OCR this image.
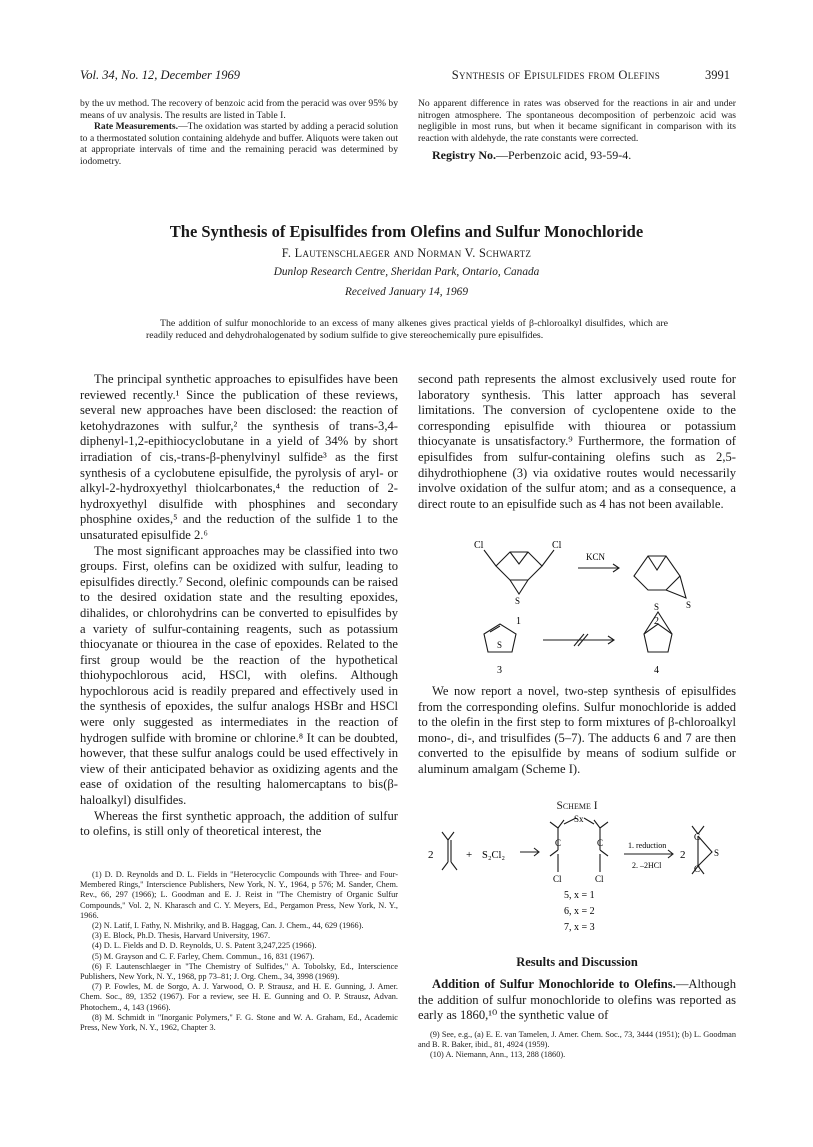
Vol. 34, No. 12, December 1969	Synthesis of Episulfides from Olefins	3991

by the uv method. The recovery of benzoic acid from the peracid was over 95% by means of uv analysis. The results are listed in Table I.

Rate Measurements.—The oxidation was started by adding a peracid solution to a thermostated solution containing aldehyde and buffer. Aliquots were taken out at appropriate intervals of time and the remaining peracid was determined by iodometry.

No apparent difference in rates was observed for the reactions in air and under nitrogen atmosphere. The spontaneous decomposition of perbenzoic acid was negligible in most runs, but when it became significant in comparison with its reaction with aldehyde, the rate constants were corrected.

Registry No.—Perbenzoic acid, 93-59-4.

The Synthesis of Episulfides from Olefins and Sulfur Monochloride
F. Lautenschlaeger and Norman V. Schwartz
Dunlop Research Centre, Sheridan Park, Ontario, Canada
Received January 14, 1969
The addition of sulfur monochloride to an excess of many alkenes gives practical yields of β-chloroalkyl disulfides, which are readily reduced and dehydrohalogenated by sodium sulfide to give stereochemically pure episulfides.

The principal synthetic approaches to episulfides have been reviewed recently.¹ Since the publication of these reviews, several new approaches have been disclosed: the reaction of ketohydrazones with sulfur,² the synthesis of trans-3,4-diphenyl-1,2-epithiocyclobutane in a yield of 34% by short irradiation of cis,-trans-β-phenylvinyl sulfide³ as the first synthesis of a cyclobutene episulfide, the pyrolysis of aryl- or alkyl-2-hydroxyethyl thiolcarbonates,⁴ the reduction of 2-hydroxyethyl disulfide with phosphines and secondary phosphine oxides,⁵ and the reduction of the sulfide 1 to the unsaturated episulfide 2.⁶

The most significant approaches may be classified into two groups. First, olefins can be oxidized with sulfur, leading to episulfides directly.⁷ Second, olefinic compounds can be raised to the desired oxidation state and the resulting epoxides, dihalides, or chlorohydrins can be converted to episulfides by a variety of sulfur-containing reagents, such as potassium thiocyanate or thiourea in the case of epoxides. Related to the first group would be the reaction of the hypothetical thiohypochlorous acid, HSCl, with olefins. Although hypochlorous acid is readily prepared and effectively used in the synthesis of epoxides, the sulfur analogs HSBr and HSCl were only suggested as intermediates in the reaction of hydrogen sulfide with bromine or chlorine.⁸ It can be doubted, however, that these sulfur analogs could be used effectively in view of their anticipated behavior as oxidizing agents and the ease of oxidation of the resulting halomercaptans to bis(β-haloalkyl) disulfides.

Whereas the first synthetic approach, the addition of sulfur to olefins, is still only of theoretical interest, the

(1) D. D. Reynolds and D. L. Fields in "Heterocyclic Compounds with Three- and Four-Membered Rings," Interscience Publishers, New York, N. Y., 1964, p 576; M. Sander, Chem. Rev., 66, 297 (1966); L. Goodman and E. J. Reist in "The Chemistry of Organic Sulfur Compounds," Vol. 2, N. Kharasch and C. Y. Meyers, Ed., Pergamon Press, New York, N. Y., 1966.

(2) N. Latif, I. Fathy, N. Mishriky, and B. Haggag, Can. J. Chem., 44, 629 (1966).

(3) E. Block, Ph.D. Thesis, Harvard University, 1967.

(4) D. L. Fields and D. D. Reynolds, U. S. Patent 3,247,225 (1966).

(5) M. Grayson and C. F. Farley, Chem. Commun., 16, 831 (1967).

(6) F. Lautenschlaeger in "The Chemistry of Sulfides," A. Tobolsky, Ed., Interscience Publishers, New York, N. Y., 1968, pp 73–81; J. Org. Chem., 34, 3998 (1969).

(7) P. Fowles, M. de Sorgo, A. J. Yarwood, O. P. Strausz, and H. E. Gunning, J. Amer. Chem. Soc., 89, 1352 (1967). For a review, see H. E. Gunning and O. P. Strausz, Advan. Photochem., 4, 143 (1966).

(8) M. Schmidt in "Inorganic Polymers," F. G. Stone and W. A. Graham, Ed., Academic Press, New York, N. Y., 1962, Chapter 3.

second path represents the almost exclusively used route for laboratory synthesis. This latter approach has several limitations. The conversion of cyclopentene oxide to the corresponding episulfide with thiourea or potassium thiocyanate is unsatisfactory.⁹ Furthermore, the formation of episulfides from sulfur-containing olefins such as 2,5-dihydrothiophene (3) via oxidative routes would necessarily involve oxidation of the sulfur atom; and as a consequence, a direct route to an episulfide such as 4 has not been available.

Cl	Cl
S
KCN
S
1	2
S
S
3	4

We now report a novel, two-step synthesis of episulfides from the corresponding olefins. Sulfur monochloride is added to the olefin in the first step to form mixtures of β-chloroalkyl mono-, di-, and trisulfides (5–7). The adducts 6 and 7 are then converted to the episulfide by means of sodium sulfide or aluminum amalgam (Scheme I).

Scheme I
2	+ S₂Cl₂
Sx
C	C
Cl	Cl
1. reduction
2. –2HCl
2	S
C
C
5, x = 1
6, x = 2
7, x = 3
Results and Discussion

Addition of Sulfur Monochloride to Olefins.—Although the addition of sulfur monochloride to olefins was reported as early as 1860,¹⁰ the synthetic value of

(9) See, e.g., (a) E. E. van Tamelen, J. Amer. Chem. Soc., 73, 3444 (1951); (b) L. Goodman and B. R. Baker, ibid., 81, 4924 (1959).

(10) A. Niemann, Ann., 113, 288 (1860).
